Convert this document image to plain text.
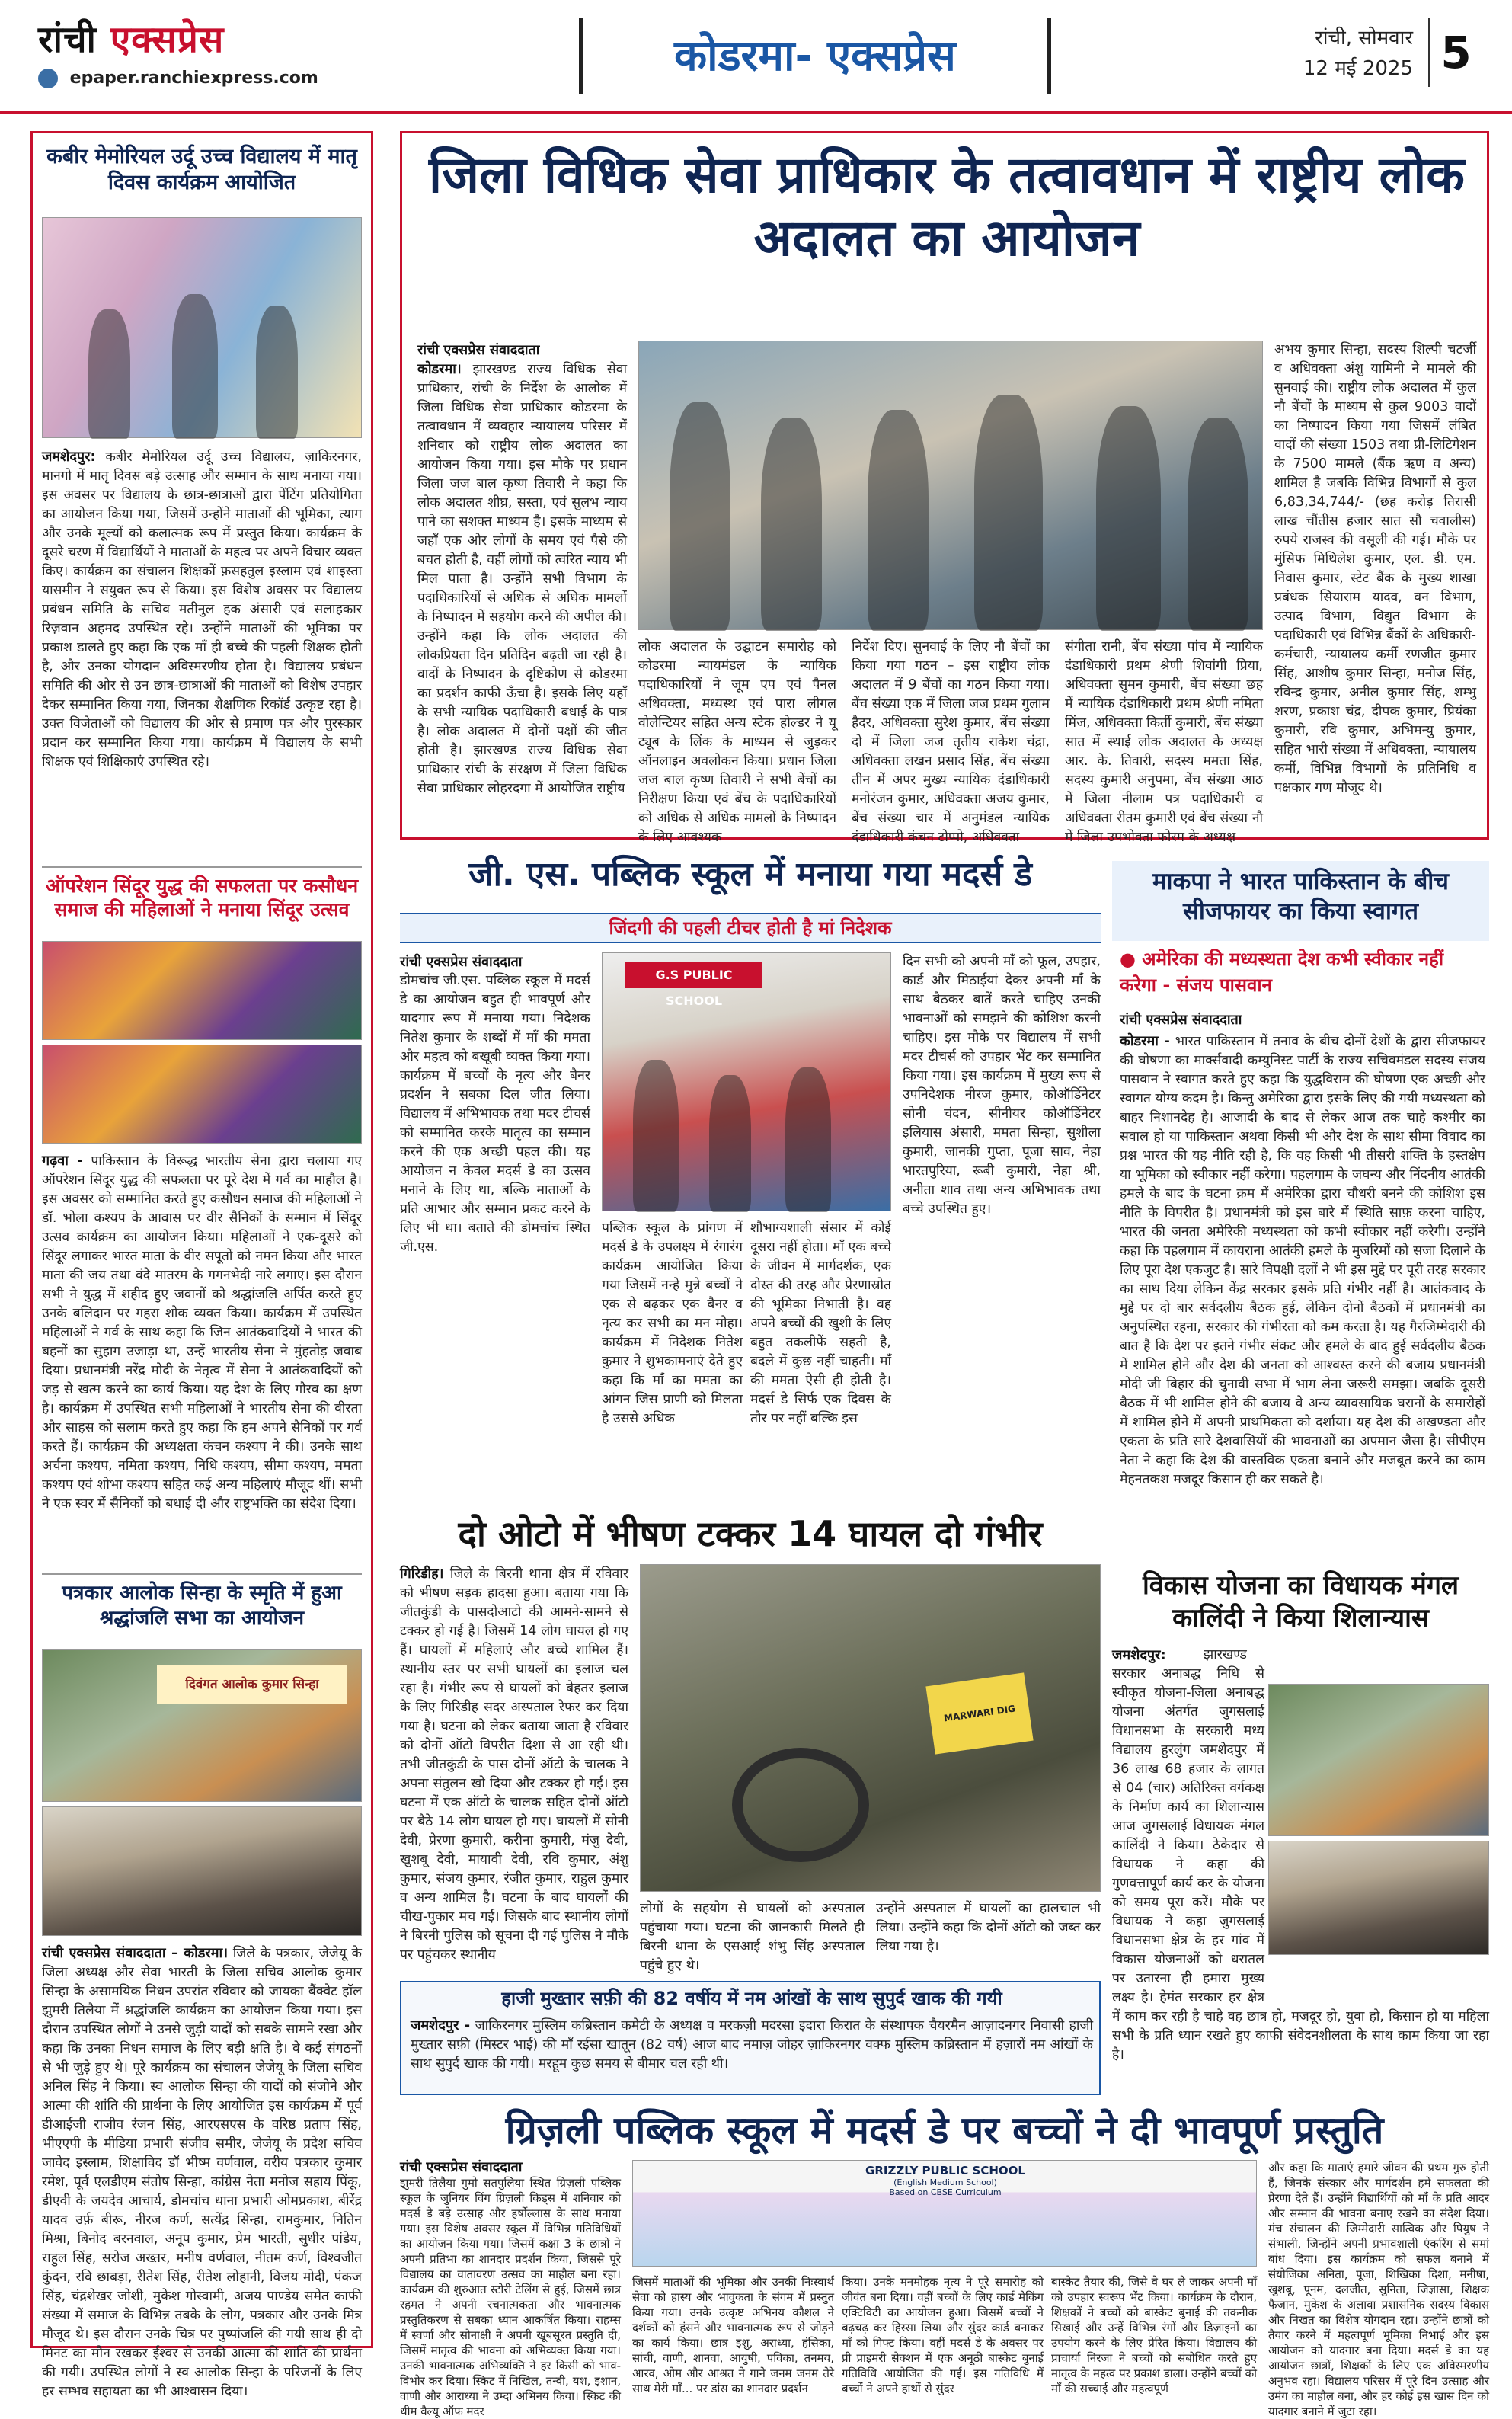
रांची एक्सप्रेस
epaper.ranchiexpress.com	कोडरमा- एक्सप्रेस	रांची, सोमवार
12 मई 2025 5
कबीर मेमोरियल उर्दू उच्च विद्यालय में मातृ दिवस कार्यक्रम आयोजित
जमशेदपुर: कबीर मेमोरियल उर्दू उच्च विद्यालय, ज़ाकिरनगर, मानगो में मातृ दिवस बड़े उत्साह और सम्मान के साथ मनाया गया। इस अवसर पर विद्यालय के छात्र-छात्राओं द्वारा पेंटिंग प्रतियोगिता का आयोजन किया गया, जिसमें उन्होंने माताओं की भूमिका, त्याग और उनके मूल्यों को कलात्मक रूप में प्रस्तुत किया। कार्यक्रम के दूसरे चरण में विद्यार्थियों ने माताओं के महत्व पर अपने विचार व्यक्त किए। कार्यक्रम का संचालन शिक्षकों फ़सहतुल इस्लाम एवं शाइस्ता यासमीन ने संयुक्त रूप से किया। इस विशेष अवसर पर विद्यालय प्रबंधन समिति के सचिव मतीनुल हक अंसारी एवं सलाहकार रिज़वान अहमद उपस्थित रहे। उन्होंने माताओं की भूमिका पर प्रकाश डालते हुए कहा कि एक माँ ही बच्चे की पहली शिक्षक होती है, और उनका योगदान अविस्मरणीय होता है। विद्यालय प्रबंधन समिति की ओर से उन छात्र-छात्राओं की माताओं को विशेष उपहार देकर सम्मानित किया गया, जिनका शैक्षणिक रिकॉर्ड उत्कृष्ट रहा है। उक्त विजेताओं को विद्यालय की ओर से प्रमाण पत्र और पुरस्कार प्रदान कर सम्मानित किया गया। कार्यक्रम में विद्यालय के सभी शिक्षक एवं शिक्षिकाएं उपस्थित रहे।
ऑपरेशन सिंदूर युद्ध की सफलता पर कसौधन समाज की महिलाओं ने मनाया सिंदूर उत्सव
गढ़वा - पाकिस्तान के विरूद्ध भारतीय सेना द्वारा चलाया गए ऑपरेशन सिंदूर युद्ध की सफलता पर पूरे देश में गर्व का माहौल है। इस अवसर को सम्मानित करते हुए कसौधन समाज की महिलाओं ने डॉ. भोला कश्यप के आवास पर वीर सैनिकों के सम्मान में सिंदूर उत्सव कार्यक्रम का आयोजन किया। महिलाओं ने एक-दूसरे को सिंदूर लगाकर भारत माता के वीर सपूतों को नमन किया और भारत माता की जय तथा वंदे मातरम के गगनभेदी नारे लगाए। इस दौरान सभी ने युद्ध में शहीद हुए जवानों को श्रद्धांजलि अर्पित करते हुए उनके बलिदान पर गहरा शोक व्यक्त किया। कार्यक्रम में उपस्थित महिलाओं ने गर्व के साथ कहा कि जिन आतंकवादियों ने भारत की बहनों का सुहाग उजाड़ा था, उन्हें भारतीय सेना ने मुंहतोड़ जवाब दिया। प्रधानमंत्री नरेंद्र मोदी के नेतृत्व में सेना ने आतंकवादियों को जड़ से खत्म करने का कार्य किया। यह देश के लिए गौरव का क्षण है। कार्यक्रम में उपस्थित सभी महिलाओं ने भारतीय सेना की वीरता और साहस को सलाम करते हुए कहा कि हम अपने सैनिकों पर गर्व करते हैं। कार्यक्रम की अध्यक्षता कंचन कश्यप ने की। उनके साथ अर्चना कश्यप, नमिता कश्यप, निधि कश्यप, सीमा कश्यप, ममता कश्यप एवं शोभा कश्यप सहित कई अन्य महिलाएं मौजूद थीं। सभी ने एक स्वर में सैनिकों को बधाई दी और राष्ट्रभक्ति का संदेश दिया।
पत्रकार आलोक सिन्हा के स्मृति में हुआ श्रद्धांजलि सभा का आयोजन
दिवंगत आलोक कुमार सिन्हा
रांची एक्सप्रेस संवाददाता – कोडरमा। जिले के पत्रकार, जेजेयू के जिला अध्यक्ष और सेवा भारती के जिला सचिव आलोक कुमार सिन्हा के असामयिक निधन उपरांत रविवार को जायका बैंक्वेट हॉल झुमरी तिलैया में श्रद्धांजलि कार्यक्रम का आयोजन किया गया। इस दौरान उपस्थित लोगों ने उनसे जुड़ी यादों को सबके सामने रखा और कहा कि उनका निधन समाज के लिए बड़ी क्षति है। वे कई संगठनों से भी जुड़े हुए थे। पूरे कार्यक्रम का संचालन जेजेयू के जिला सचिव अनिल सिंह ने किया। स्व आलोक सिन्हा की यादों को संजोने और आत्मा की शांति की प्रार्थना के लिए आयोजित इस कार्यक्रम में पूर्व डीआईजी राजीव रंजन सिंह, आरएसएस के वरिष्ठ प्रताप सिंह, भीएएपी के मीडिया प्रभारी संजीव समीर, जेजेयू के प्रदेश सचिव जावेद इस्लाम, शिक्षाविद डॉ भीष्म वर्णवाल, वरीय पत्रकार कुमार रमेश, पूर्व एलडीएम संतोष सिन्हा, कांग्रेस नेता मनोज सहाय पिंकू, डीएवी के जयदेव आचार्य, डोमचांच थाना प्रभारी ओमप्रकाश, बीरेंद्र यादव उर्फ़ बीरू, नीरज कर्ण, सत्येंद्र सिन्हा, रामकुमार, नितिन मिश्रा, बिनोद बरनवाल, अनूप कुमार, प्रेम भारती, सुधीर पांडेय, राहुल सिंह, सरोज अख्तर, मनीष वर्णवाल, नीतम कर्ण, विश्वजीत कुंदन, रवि छाबड़ा, रीतेश सिंह, रीतेश लोहानी, विजय मोदी, पंकज सिंह, चंद्रशेखर जोशी, मुकेश गोस्वामी, अजय पाण्डेय समेत काफी संख्या में समाज के विभिन्न तबके के लोग, पत्रकार और उनके मित्र मौजूद थे। इस दौरान उनके चित्र पर पुष्पांजलि की गयी साथ ही दो मिनट का मौन रखकर ईश्वर से उनकी आत्मा की शांति की प्रार्थना की गयी। उपस्थित लोगों ने स्व आलोक सिन्हा के परिजनों के लिए हर सम्भव सहायता का भी आश्वासन दिया।
जिला विधिक सेवा प्राधिकार के तत्वावधान में राष्ट्रीय लोक अदालत का आयोजन
रांची एक्सप्रेस संवाददाता
कोडरमा। झारखण्ड राज्य विधिक सेवा प्राधिकार, रांची के निर्देश के आलोक में जिला विधिक सेवा प्राधिकार कोडरमा के तत्वावधान में व्यवहार न्यायालय परिसर में शनिवार को राष्ट्रीय लोक अदालत का आयोजन किया गया। इस मौके पर प्रधान जिला जज बाल कृष्ण तिवारी ने कहा कि लोक अदालत शीघ्र, सस्ता, एवं सुलभ न्याय पाने का सशक्त माध्यम है। इसके माध्यम से जहाँ एक ओर लोगों के समय एवं पैसे की बचत होती है, वहीं लोगों को त्वरित न्याय भी मिल पाता है। उन्होंने सभी विभाग के पदाधिकारियों से अधिक से अधिक मामलों के निष्पादन में सहयोग करने की अपील की। उन्होंने कहा कि लोक अदालत की लोकप्रियता दिन प्रतिदिन बढ़ती जा रही है। वादों के निष्पादन के दृष्टिकोण से कोडरमा का प्रदर्शन काफी ऊँचा है। इसके लिए यहाँ के सभी न्यायिक पदाधिकारी बधाई के पात्र है। लोक अदालत में दोनों पक्षों की जीत होती है। झारखण्ड राज्य विधिक सेवा प्राधिकार रांची के संरक्षण में जिला विधिक सेवा प्राधिकार लोहरदगा में आयोजित राष्ट्रीय
लोक अदालत के उद्घाटन समारोह को कोडरमा न्यायमंडल के न्यायिक पदाधिकारियों ने जूम एप एवं पैनल अधिवक्ता, मध्यस्थ एवं पारा लीगल वोलेन्टियर सहित अन्य स्टेक होल्डर ने यू ट्यूब के लिंक के माध्यम से जुड़कर ऑनलाइन अवलोकन किया। प्रधान जिला जज बाल कृष्ण तिवारी ने सभी बेंचों का निरीक्षण किया एवं बेंच के पदाधिकारियों को अधिक से अधिक मामलों के निष्पादन के लिए आवश्यक
निर्देश दिए। सुनवाई के लिए नौ बेंचों का किया गया गठन – इस राष्ट्रीय लोक अदालत में 9 बेंचों का गठन किया गया। बेंच संख्या एक में जिला जज प्रथम गुलाम हैदर, अधिवक्ता सुरेश कुमार, बेंच संख्या दो में जिला जज तृतीय राकेश चंद्रा, अधिवक्ता लखन प्रसाद सिंह, बेंच संख्या तीन में अपर मुख्य न्यायिक दंडाधिकारी मनोरंजन कुमार, अधिवक्ता अजय कुमार, बेंच संख्या चार में अनुमंडल न्यायिक दंडाधिकारी कंचन टोप्पो, अधिवक्ता
संगीता रानी, बेंच संख्या पांच में न्यायिक दंडाधिकारी प्रथम श्रेणी शिवांगी प्रिया, अधिवक्ता सुमन कुमारी, बेंच संख्या छह में न्यायिक दंडाधिकारी प्रथम श्रेणी नमिता मिंज, अधिवक्ता किर्ती कुमारी, बेंच संख्या सात में स्थाई लोक अदालत के अध्यक्ष आर. के. तिवारी, सदस्य ममता सिंह, सदस्य कुमारी अनुपमा, बेंच संख्या आठ में जिला नीलाम पत्र पदाधिकारी व अधिवक्ता रीतम कुमारी एवं बेंच संख्या नौ में जिला उपभोक्ता फोरम के अध्यक्ष
अभय कुमार सिन्हा, सदस्य शिल्पी चटर्जी व अधिवक्ता अंशु यामिनी ने मामले की सुनवाई की। राष्ट्रीय लोक अदालत में कुल नौ बेंचों के माध्यम से कुल 9003 वादों का निष्पादन किया गया जिसमें लंबित वादों की संख्या 1503 तथा प्री-लिटिगेशन के 7500 मामले (बैंक ऋण व अन्य) शामिल है जबकि विभिन्न विभागों से कुल 6,83,34,744/- (छह करोड़ तिरासी लाख चौंतीस हजार सात सौ चवालीस) रुपये राजस्व की वसूली की गई। मौके पर मुंसिफ मिथिलेश कुमार, एल. डी. एम. निवास कुमार, स्टेट बैंक के मुख्य शाखा प्रबंधक सियाराम यादव, वन विभाग, उत्पाद विभाग, विद्युत विभाग के पदाधिकारी एवं विभिन्न बैंकों के अधिकारी-कर्मचारी, न्यायालय कर्मी रणजीत कुमार सिंह, आशीष कुमार सिन्हा, मनोज सिंह, रविन्द्र कुमार, अनील कुमार सिंह, शम्भु शरण, प्रकाश चंद्र, दीपक कुमार, प्रियंका कुमारी, रवि कुमार, अभिमन्यु कुमार, सहित भारी संख्या में अधिवक्ता, न्यायालय कर्मी, विभिन्न विभागों के प्रतिनिधि व पक्षकार गण मौजूद थे।
जी. एस. पब्लिक स्कूल में मनाया गया मदर्स डे
जिंदगी की पहली टीचर होती है मां निदेशक
रांची एक्सप्रेस संवाददाता
डोमचांच जी.एस. पब्लिक स्कूल में मदर्स डे का आयोजन बहुत ही भावपूर्ण और यादगार रूप में मनाया गया। निदेशक नितेश कुमार के शब्दों में माँ की ममता और महत्व को बखूबी व्यक्त किया गया। कार्यक्रम में बच्चों के नृत्य और बैनर प्रदर्शन ने सबका दिल जीत लिया। विद्यालय में अभिभावक तथा मदर टीचर्स को सम्मानित करके मातृत्व का सम्मान करने की एक अच्छी पहल की। यह आयोजन न केवल मदर्स डे का उत्सव मनाने के लिए था, बल्कि माताओं के प्रति आभार और सम्मान प्रकट करने के लिए भी था। बताते की डोमचांच स्थित जी.एस.
G.S PUBLIC SCHOOL
पब्लिक स्कूल के प्रांगण में मदर्स डे के उपलक्ष्य में रंगारंग कार्यक्रम आयोजित किया गया जिसमें नन्हे मुन्ने बच्चों ने एक से बढ़कर एक बैनर व नृत्य कर सभी का मन मोहा। कार्यक्रम में निदेशक नितेश कुमार ने शुभकामनाएं देते हुए कहा कि माँ का ममता का आंगन जिस प्राणी को मिलता है उससे अधिक
शौभाग्यशाली संसार में कोई दूसरा नहीं होता। माँ एक बच्चे के जीवन में मार्गदर्शक, एक दोस्त की तरह और प्रेरणास्रोत की भूमिका निभाती है। वह अपने बच्चों की खुशी के लिए बहुत तकलीफें सहती है, बदले में कुछ नहीं चाहती। माँ की ममता ऐसी ही होती है। मदर्स डे सिर्फ एक दिवस के तौर पर नहीं बल्कि इस
दिन सभी को अपनी माँ को फूल, उपहार, कार्ड और मिठाईयां देकर अपनी माँ के साथ बैठकर बातें करते चाहिए उनकी भावनाओं को समझने की कोशिश करनी चाहिए। इस मौके पर विद्यालय में सभी मदर टीचर्स को उपहार भेंट कर सम्मानित किया गया। इस कार्यक्रम में मुख्य रूप से उपनिदेशक नीरज कुमार, कोऑर्डिनेटर सोनी चंदन, सीनीयर कोऑर्डिनेटर इलियास अंसारी, ममता सिन्हा, सुशीला कुमारी, जानकी गुप्ता, पूजा साव, नेहा भारतपुरिया, रूबी कुमारी, नेहा श्री, अनीता शाव तथा अन्य अभिभावक तथा बच्चे उपस्थित हुए।
माकपा ने भारत पाकिस्तान के बीच सीजफायर का किया स्वागत
● अमेरिका की मध्यस्थता देश कभी स्वीकार नहीं करेगा - संजय पासवान
रांची एक्सप्रेस संवाददाता
कोडरमा - भारत पाकिस्तान में तनाव के बीच दोनों देशों के द्वारा सीजफायर की घोषणा का मार्क्सवादी कम्युनिस्ट पार्टी के राज्य सचिवमंडल सदस्य संजय पासवान ने स्वागत करते हुए कहा कि युद्धविराम की घोषणा एक अच्छी और स्वागत योग्य कदम है। किन्तु अमेरिका द्वारा इसके लिए की गयी मध्यस्थता को बाहर निशानदेह है। आजादी के बाद से लेकर आज तक चाहे कश्मीर का सवाल हो या पाकिस्तान अथवा किसी भी और देश के साथ सीमा विवाद का प्रश्न भारत की यह नीति रही है, कि वह किसी भी तीसरी शक्ति के हस्तक्षेप या भूमिका को स्वीकार नहीं करेगा। पहलगाम के जघन्य और निंदनीय आतंकी हमले के बाद के घटना क्रम में अमेरिका द्वारा चौधरी बनने की कोशिश इस नीति के विपरीत है। प्रधानमंत्री को इस बारे में स्थिति साफ़ करना चाहिए, भारत की जनता अमेरिकी मध्यस्थता को कभी स्वीकार नहीं करेगी। उन्होंने कहा कि पहलगाम में कायराना आतंकी हमले के मुजरिमों को सजा दिलाने के लिए पूरा देश एकजुट है। सारे विपक्षी दलों ने भी इस मुद्दे पर पूरी तरह सरकार का साथ दिया लेकिन केंद्र सरकार इसके प्रति गंभीर नहीं है। आतंकवाद के मुद्दे पर दो बार सर्वदलीय बैठक हुई, लेकिन दोनों बैठकों में प्रधानमंत्री का अनुपस्थित रहना, सरकार की गंभीरता को कम करता है। यह गैरजिम्मेदारी की बात है कि देश पर इतने गंभीर संकट और हमले के बाद हुई सर्वदलीय बैठक में शामिल होने और देश की जनता को आश्वस्त करने की बजाय प्रधानमंत्री मोदी जी बिहार की चुनावी सभा में भाग लेना जरूरी समझा। जबकि दूसरी बैठक में भी शामिल होने की बजाय वे अन्य व्यावसायिक घरानों के समारोहों में शामिल होने में अपनी प्राथमिकता को दर्शाया। यह देश की अखण्डता और एकता के प्रति सारे देशवासियों की भावनाओं का अपमान जैसा है। सीपीएम नेता ने कहा कि देश की वास्तविक एकता बनाने और मजबूत करने का काम मेहनतकश मजदूर किसान ही कर सकते है।
दो ओटो में भीषण टक्कर 14 घायल दो गंभीर
गिरिडीह। जिले के बिरनी थाना क्षेत्र में रविवार को भीषण सड़क हादसा हुआ। बताया गया कि जीतकुंडी के पासदोआटो की आमने-सामने से टक्कर हो गई है। जिसमें 14 लोग घायल हो गए हैं। घायलों में महिलाएं और बच्चे शामिल हैं। स्थानीय स्तर पर सभी घायलों का इलाज चल रहा है। गंभीर रूप से घायलों को बेहतर इलाज के लिए गिरिडीह सदर अस्पताल रेफर कर दिया गया है। घटना को लेकर बताया जाता है रविवार को दोनों ऑटो विपरीत दिशा से आ रही थी। तभी जीतकुंडी के पास दोनों ऑटो के चालक ने अपना संतुलन खो दिया और टक्कर हो गई। इस घटना में एक ऑटो के चालक सहित दोनों ऑटो पर बैठे 14 लोग घायल हो गए। घायलों में सोनी देवी, प्रेरणा कुमारी, करीना कुमारी, मंजु देवी, खुशबू देवी, मायावी देवी, रवि कुमार, अंशु कुमार, संजय कुमार, रंजीत कुमार, राहुल कुमार व अन्य शामिल है। घटना के बाद घायलों की चीख-पुकार मच गई। जिसके बाद स्थानीय लोगों ने बिरनी पुलिस को सूचना दी गई पुलिस ने मौके पर पहुंचकर स्थानीय
MARWARI DIG
लोगों के सहयोग से घायलों को अस्पताल पहुंचाया गया। घटना की जानकारी मिलते ही बिरनी थाना के एसआई शंभु सिंह अस्पताल पहुंचे हुए थे।
उन्होंने अस्पताल में घायलों का हालचाल भी लिया। उन्होंने कहा कि दोनों ऑटो को जब्त कर लिया गया है।
हाजी मुख्तार सफ़ी की 82 वर्षीय में नम आंखों के साथ सुपुर्द खाक की गयी
जमशेदपुर - जाकिरनगर मुस्लिम कब्रिस्तान कमेटी के अध्यक्ष व मरकज़ी मदरसा इदारा किरात के संस्थापक चैयरमैन आज़ादनगर निवासी हाजी मुख्तार सफ़ी (मिस्टर भाई) की माँ रईसा खातून (82 वर्ष) आज बाद नमाज़ जोहर ज़ाकिरनगर वक्फ मुस्लिम कब्रिस्तान में हज़ारों नम आंखों के साथ सुपुर्द खाक की गयी। मरहूम कुछ समय से बीमार चल रही थी।
विकास योजना का विधायक मंगल कालिंदी ने किया शिलान्यास
जमशेदपुर:	झारखण्ड सरकार अनाबद्ध निधि से स्वीकृत योजना-जिला अनाबद्ध योजना अंतर्गत जुगसलाई विधानसभा के सरकारी मध्य विद्यालय हुरलुंग जमशेदपुर में 36 लाख 68 हजार के लागत से 04 (चार) अतिरिक्त वर्गकक्ष के निर्माण कार्य का शिलान्यास आज जुगसलाई विधायक मंगल कालिंदी ने किया। ठेकेदार से विधायक ने कहा की गुणवत्तापूर्ण कार्य कर के योजना को समय पूरा करें। मौके पर विधायक ने कहा जुगसलाई विधानसभा क्षेत्र के हर गांव में विकास योजनाओं को धरातल पर उतारना ही हमारा मुख्य लक्ष्य है। हेमंत सरकार हर क्षेत्र में काम कर रही है चाहे वह छात्र हो, मजदूर हो, युवा हो, किसान हो या महिला सभी के प्रति ध्यान रखते हुए काफी संवेदनशीलता के साथ काम किया जा रहा है।
ग्रिज़ली पब्लिक स्कूल में मदर्स डे पर बच्चों ने दी भावपूर्ण प्रस्तुति
रांची एक्सप्रेस संवाददाता
झुमरी तिलैया गुमो सतपुलिया स्थित ग्रिज़ली पब्लिक स्कूल के जुनियर विंग ग्रिज़ली किड्स में शनिवार को मदर्स डे बड़े उत्साह और हर्षोल्लास के साथ मनाया गया। इस विशेष अवसर स्कूल में विभिन्न गतिविधियों का आयोजन किया गया। जिसमें कक्षा 3 के छात्रों ने अपनी प्रतिभा का शानदार प्रदर्शन किया, जिससे पूरे विद्यालय का वातावरण उत्सव का माहौल बना रहा। कार्यक्रम की शुरुआत स्टोरी टेलिंग से हुई, जिसमें छात्र रहमत ने अपनी रचनात्मकता और भावनात्मक प्रस्तुतिकरण से सबका ध्यान आकर्षित किया। राहम्स में स्वर्णा और सोनाक्षी ने अपनी खूबसूरत प्रस्तुति दी, जिसमें मातृत्व की भावना को अभिव्यक्त किया गया। उनकी भावनात्मक अभिव्यक्ति ने हर किसी को भाव-विभोर कर दिया। स्किट में निखिल, तन्वी, यश, इशान, वाणी और आराध्या ने उम्दा अभिनय किया। स्किट की थीम वैल्यू ऑफ मदर
GRIZZLY PUBLIC SCHOOL
(English Medium School)
Based on CBSE Curriculum
जिसमें माताओं की भूमिका और उनकी निःस्वार्थ सेवा को हास्य और भावुकता के संगम में प्रस्तुत किया गया। उनके उत्कृष्ट अभिनय कौशल ने दर्शकों को हंसने और भावनात्मक रूप से जोड़ने का कार्य किया। छात्र इशु, अराध्या, हंसिका, सांची, वाणी, शानवा, आयुषी, पविका, तनमय, आरव, ओम और आश्रत ने गाने जनम जनम तेरे साथ मेरी माँ... पर डांस का शानदार प्रदर्शन
किया। उनके मनमोहक नृत्य ने पूरे समारोह को जीवंत बना दिया। वहीं बच्चों के लिए कार्ड मेकिंग एक्टिविटी का आयोजन हुआ। जिसमें बच्चों ने बढ़चढ़ कर हिस्सा लिया और सुंदर कार्ड बनाकर माँ को गिफ्ट किया। वहीं मदर्स डे के अवसर पर प्री प्राइमरी सेक्शन में एक अनूठी बास्केट बुनाई गतिविधि आयोजित की गई। इस गतिविधि में बच्चों ने अपने हाथों से सुंदर
बास्केट तैयार की, जिसे वे घर ले जाकर अपनी माँ को उपहार स्वरूप भेंट किया। कार्यक्रम के दौरान, शिक्षकों ने बच्चों को बास्केट बुनाई की तकनीक सिखाई और उन्हें विभिन्न रंगों और डिज़ाइनों का उपयोग करने के लिए प्रेरित किया। विद्यालय की प्राचार्या निरजा ने बच्चों को संबोधित करते हुए मातृत्व के महत्व पर प्रकाश डाला। उन्होंने बच्चों को माँ की सच्चाई और महत्वपूर्ण
और कहा कि माताएं हमारे जीवन की प्रथम गुरु होती हैं, जिनके संस्कार और मार्गदर्शन हमें सफलता की प्रेरणा देते हैं। उन्होंने विद्यार्थियों को माँ के प्रति आदर और सम्मान की भावना बनाए रखने का संदेश दिया। मंच संचालन की जिम्मेदारी सात्विक और पियुष ने संभाली, जिन्होंने अपनी प्रभावशाली एंकरिंग से समां बांध दिया। इस कार्यक्रम को सफल बनाने में संयोजिका अनिता, पूजा, शिखिका दिशा, मनीषा, खुशबू, पूनम, दलजीत, सुनिता, जिज्ञासा, शिक्षक फैजान, मुकेश के अलावा प्रशासनिक सदस्य विकास और निखत का विशेष योगदान रहा। उन्होंने छात्रों को तैयार करने में महत्वपूर्ण भूमिका निभाई और इस आयोजन को यादगार बना दिया। मदर्स डे का यह आयोजन छात्रों, शिक्षकों के लिए एक अविस्मरणीय अनुभव रहा। विद्यालय परिसर में पूरे दिन उत्साह और उमंग का माहौल बना, और हर कोई इस खास दिन को यादगार बनाने में जुटा रहा।
